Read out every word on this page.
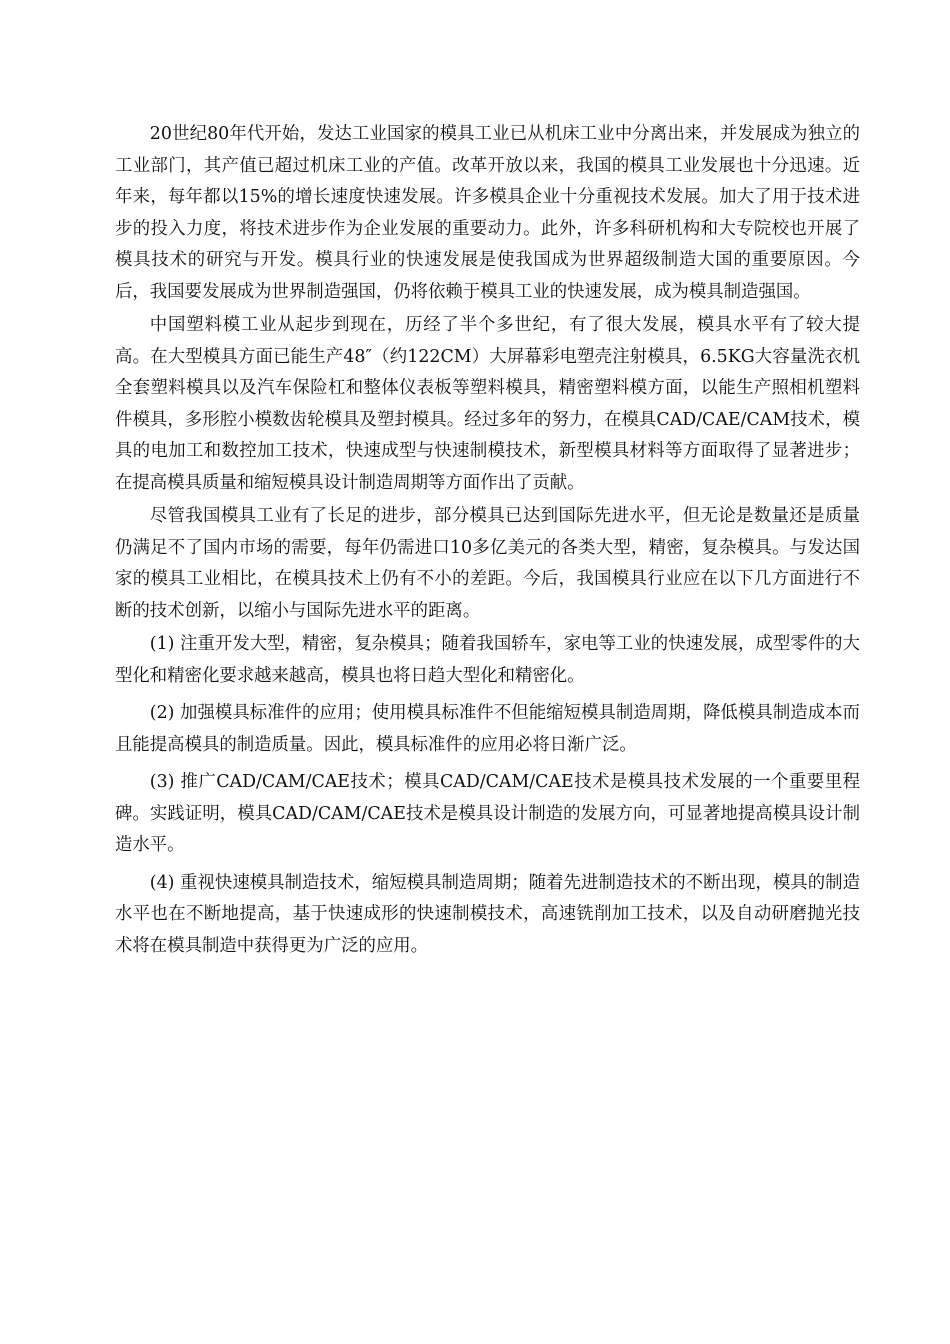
20世纪80年代开始，发达工业国家的模具工业已从机床工业中分离出来，并发展成为独立的工业部门，其产值已超过机床工业的产值。改革开放以来，我国的模具工业发展也十分迅速。近年来，每年都以15%的增长速度快速发展。许多模具企业十分重视技术发展。加大了用于技术进步的投入力度，将技术进步作为企业发展的重要动力。此外，许多科研机构和大专院校也开展了模具技术的研究与开发。模具行业的快速发展是使我国成为世界超级制造大国的重要原因。今后，我国要发展成为世界制造强国，仍将依赖于模具工业的快速发展，成为模具制造强国。

中国塑料模工业从起步到现在，历经了半个多世纪，有了很大发展，模具水平有了较大提高。在大型模具方面已能生产48″（约122CM）大屏幕彩电塑壳注射模具，6.5KG大容量洗衣机全套塑料模具以及汽车保险杠和整体仪表板等塑料模具，精密塑料模方面，以能生产照相机塑料件模具，多形腔小模数齿轮模具及塑封模具。经过多年的努力，在模具CAD/CAE/CAM技术，模具的电加工和数控加工技术，快速成型与快速制模技术，新型模具材料等方面取得了显著进步；在提高模具质量和缩短模具设计制造周期等方面作出了贡献。

尽管我国模具工业有了长足的进步，部分模具已达到国际先进水平，但无论是数量还是质量仍满足不了国内市场的需要，每年仍需进口10多亿美元的各类大型，精密，复杂模具。与发达国家的模具工业相比，在模具技术上仍有不小的差距。今后，我国模具行业应在以下几方面进行不断的技术创新，以缩小与国际先进水平的距离。

(1) 注重开发大型，精密，复杂模具；随着我国轿车，家电等工业的快速发展，成型零件的大型化和精密化要求越来越高，模具也将日趋大型化和精密化。

(2) 加强模具标准件的应用；使用模具标准件不但能缩短模具制造周期，降低模具制造成本而且能提高模具的制造质量。因此，模具标准件的应用必将日渐广泛。

(3) 推广CAD/CAM/CAE技术；模具CAD/CAM/CAE技术是模具技术发展的一个重要里程碑。实践证明，模具CAD/CAM/CAE技术是模具设计制造的发展方向，可显著地提高模具设计制造水平。

(4) 重视快速模具制造技术，缩短模具制造周期；随着先进制造技术的不断出现，模具的制造水平也在不断地提高，基于快速成形的快速制模技术，高速铣削加工技术，以及自动研磨抛光技术将在模具制造中获得更为广泛的应用。
